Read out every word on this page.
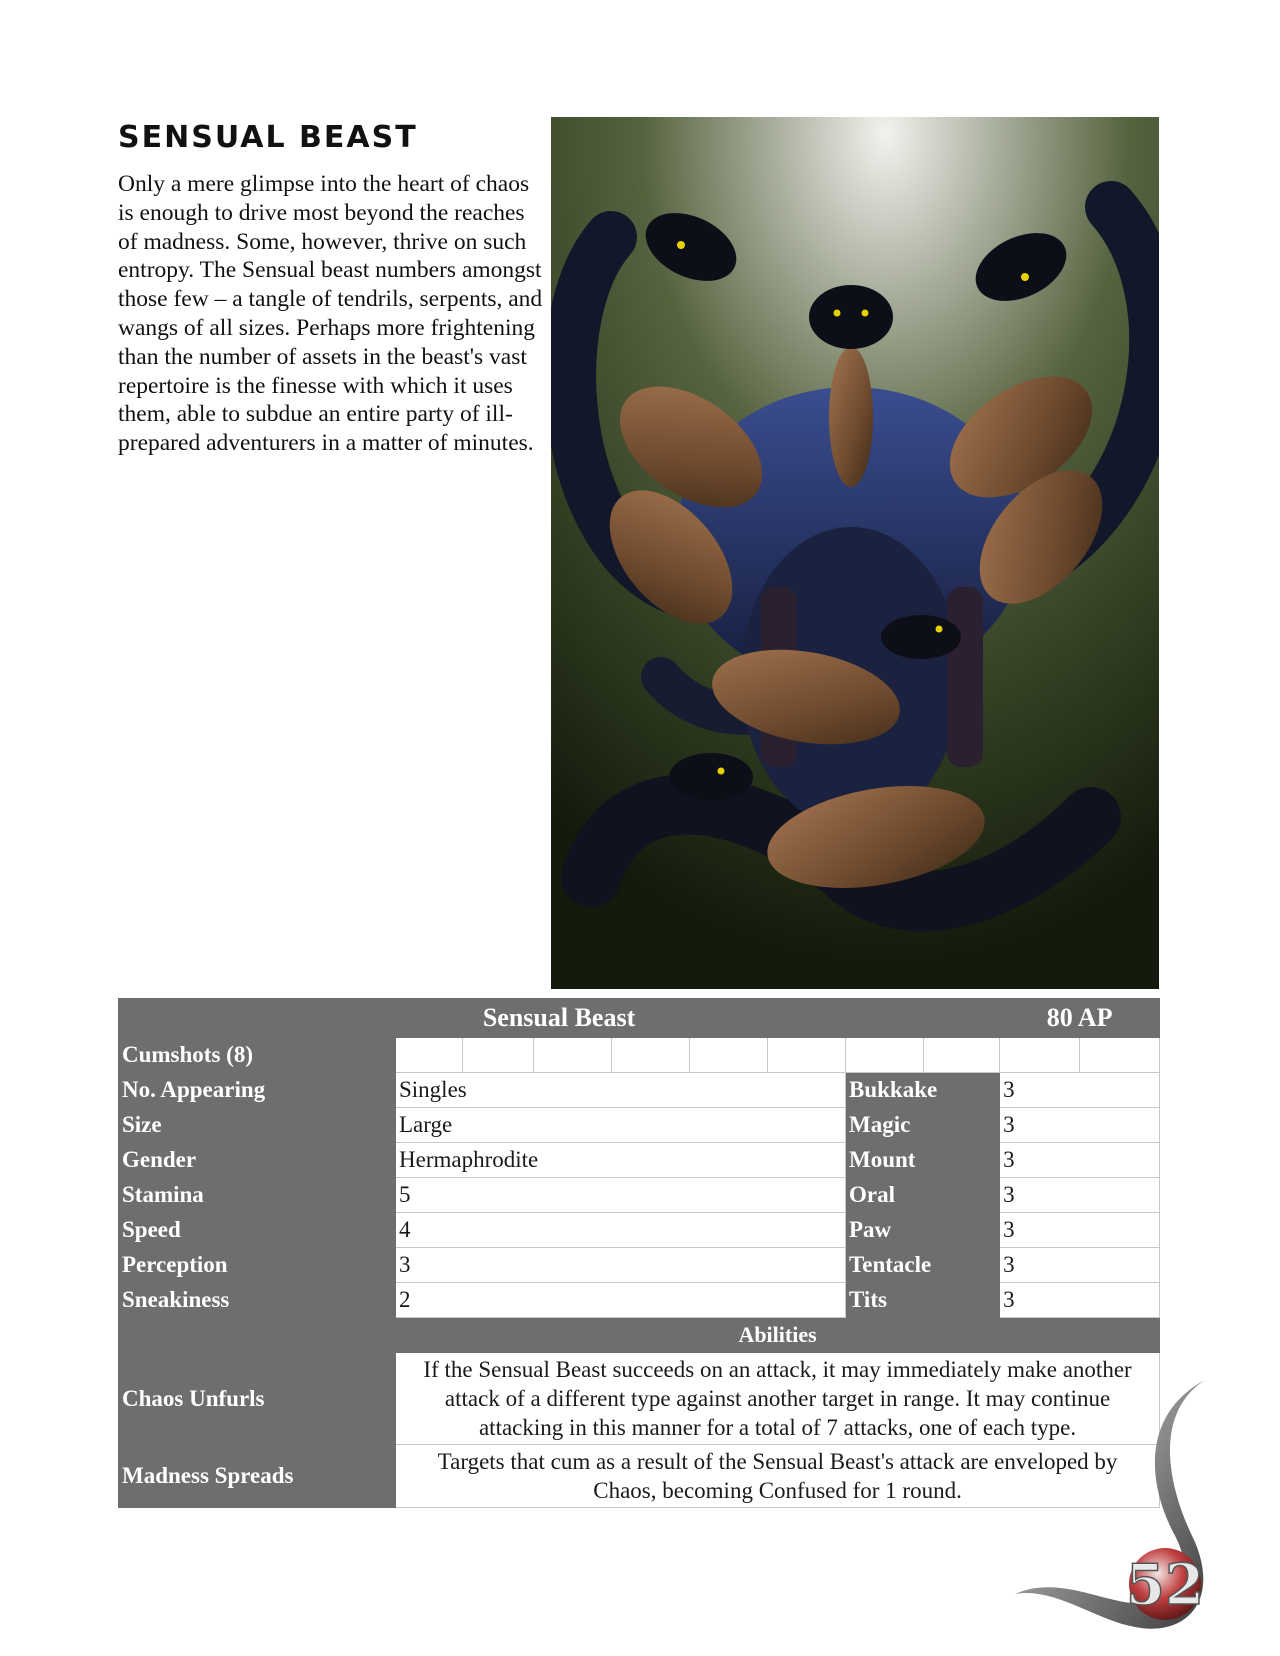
SENSUAL BEAST

Only a mere glimpse into the heart of chaos is enough to drive most beyond the reaches of madness. Some, however, thrive on such entropy. The Sensual beast numbers amongst those few – a tangle of tendrils, serpents, and wangs of all sizes. Perhaps more frightening than the number of assets in the beast's vast repertoire is the finesse with which it uses them, able to subdue an entire party of ill-prepared adventurers in a matter of minutes.

Sensual Beast									80 AP	
Cumshots (8)										
No. Appearing	Singles						Bukkake		3	
Size	Large						Magic		3	
Gender	Hermaphrodite						Mount		3	
Stamina	5						Oral		3	
Speed	4						Paw		3	
Perception	3						Tentacle		3	
Sneakiness	2						Tits		3	
	Abilities									
Chaos Unfurls	If the Sensual Beast succeeds on an attack, it may immediately make another attack of a different type against another target in range. It may continue attacking in this manner for a total of 7 attacks, one of each type.									
Madness Spreads	Targets that cum as a result of the Sensual Beast's attack are enveloped by Chaos, becoming Confused for 1 round.									
52
